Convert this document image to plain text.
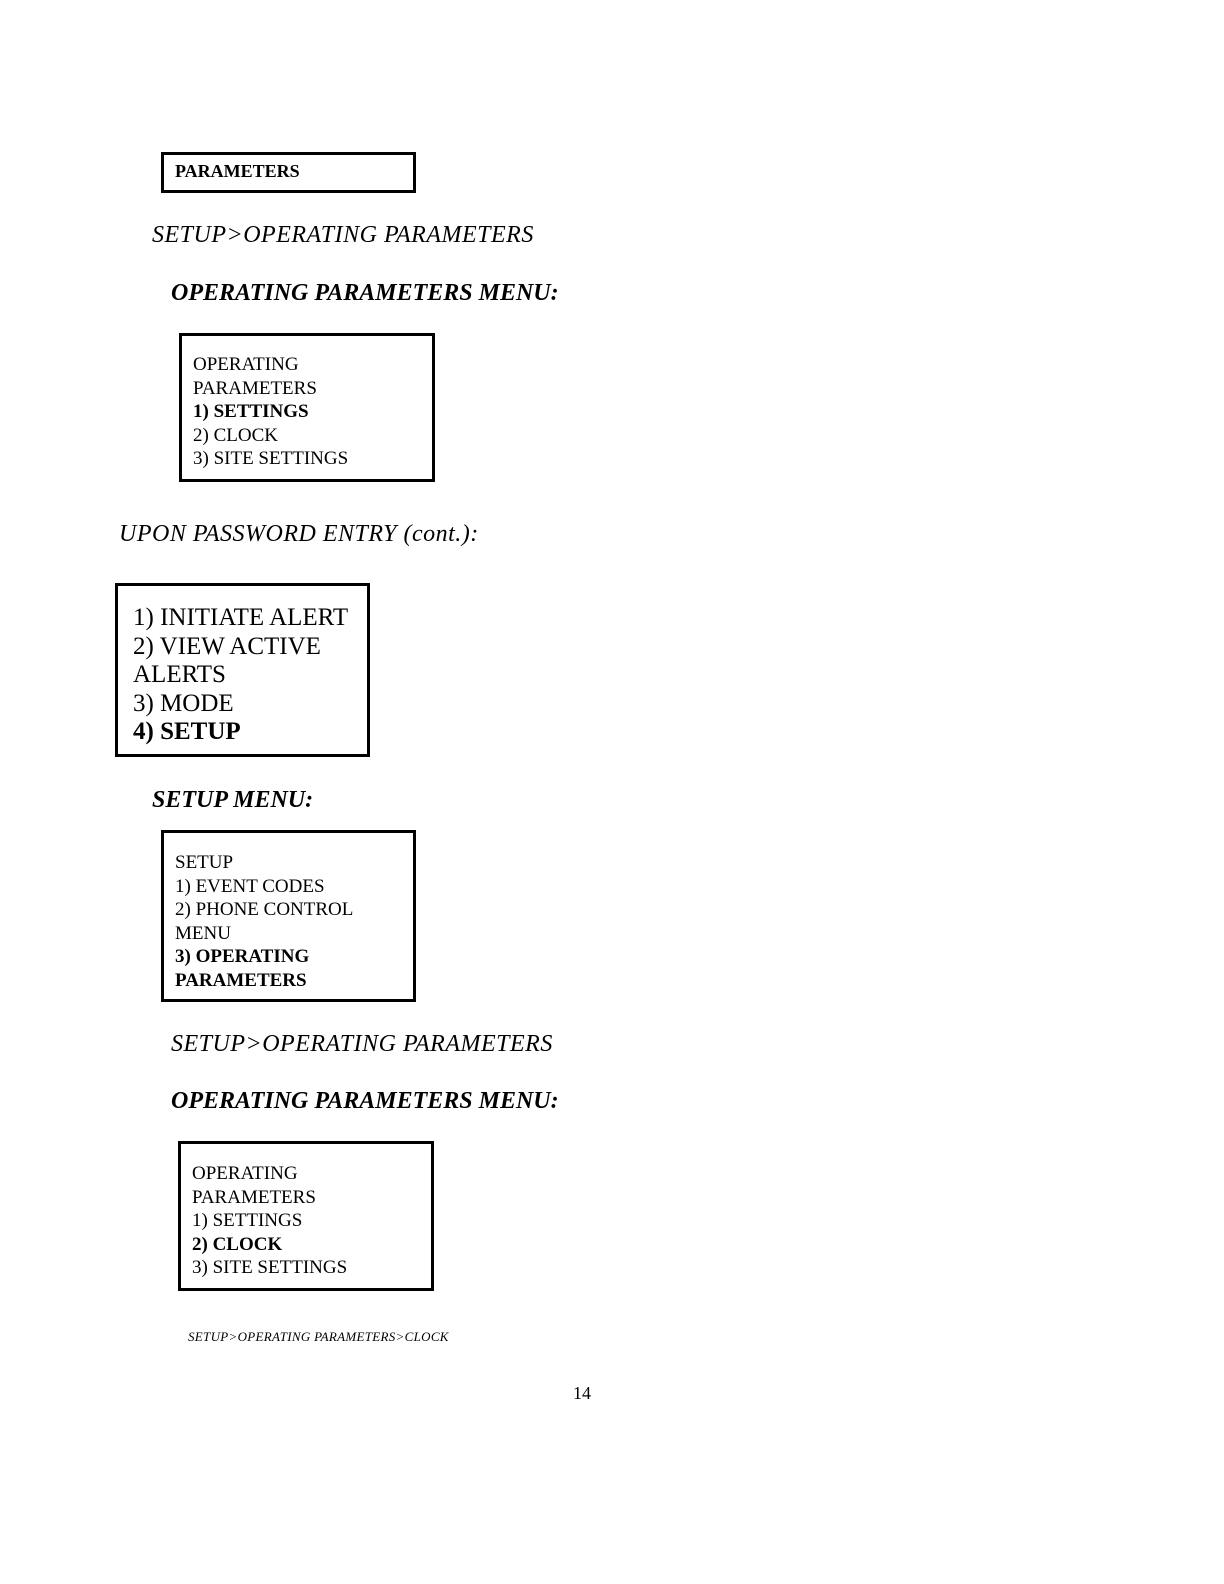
PARAMETERS
SETUP>OPERATING PARAMETERS
OPERATING PARAMETERS MENU:
OPERATING
PARAMETERS
1) SETTINGS
2) CLOCK
3) SITE SETTINGS
UPON PASSWORD ENTRY (cont.):
1) INITIATE ALERT
2) VIEW ACTIVE
ALERTS
3) MODE
4) SETUP
SETUP MENU:
SETUP
1) EVENT CODES
2) PHONE CONTROL
MENU
3) OPERATING
PARAMETERS
SETUP>OPERATING PARAMETERS
OPERATING PARAMETERS MENU:
OPERATING
PARAMETERS
1) SETTINGS
2) CLOCK
3) SITE SETTINGS
SETUP>OPERATING PARAMETERS>CLOCK
14
